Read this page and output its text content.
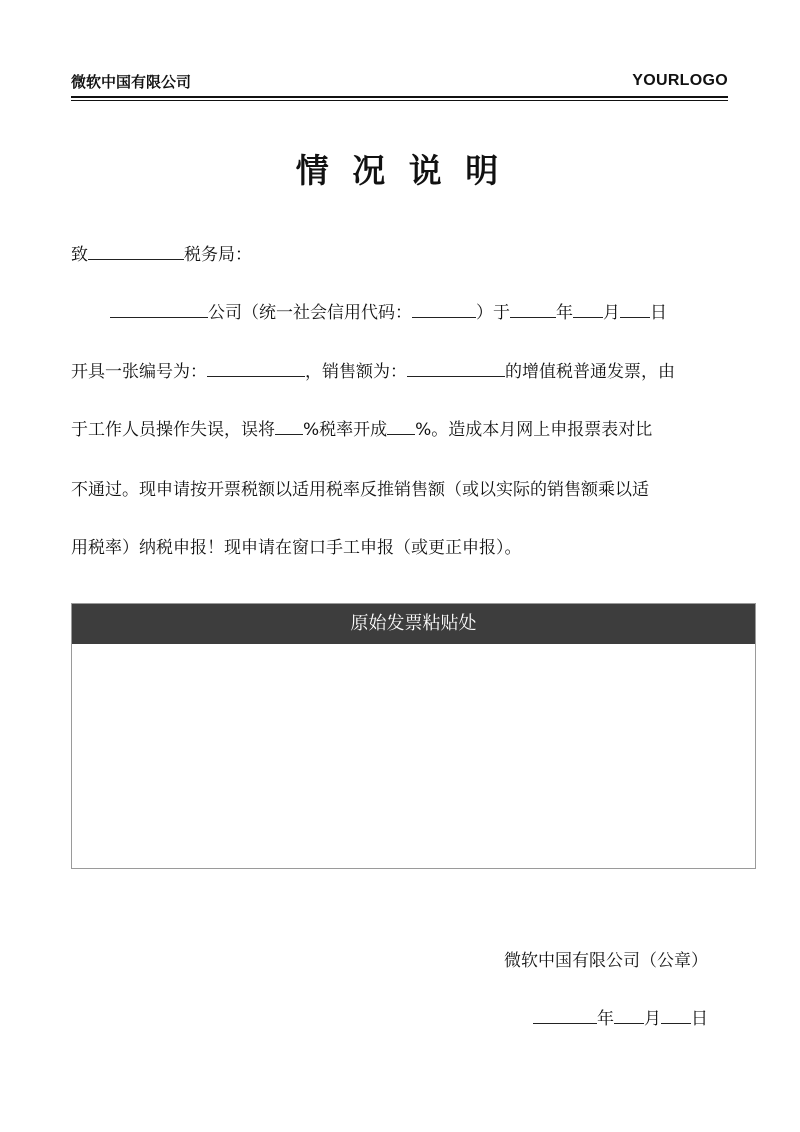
微软中国有限公司	YOURLOGO
情 况 说 明
致	税务局：
公司（统一社会信用代码：	）于	年 月 日
开具一张编号为：	，销售额为：	的增值税普通发票，由
于工作人员操作失误，误将 %税率开成 %。造成本月网上申报票表对比
不通过。现申请按开票税额以适用税率反推销售额（或以实际的销售额乘以适
用税率）纳税申报！现申请在窗口手工申报（或更正申报）。
原始发票粘贴处
微软中国有限公司（公章）
年 月 日
